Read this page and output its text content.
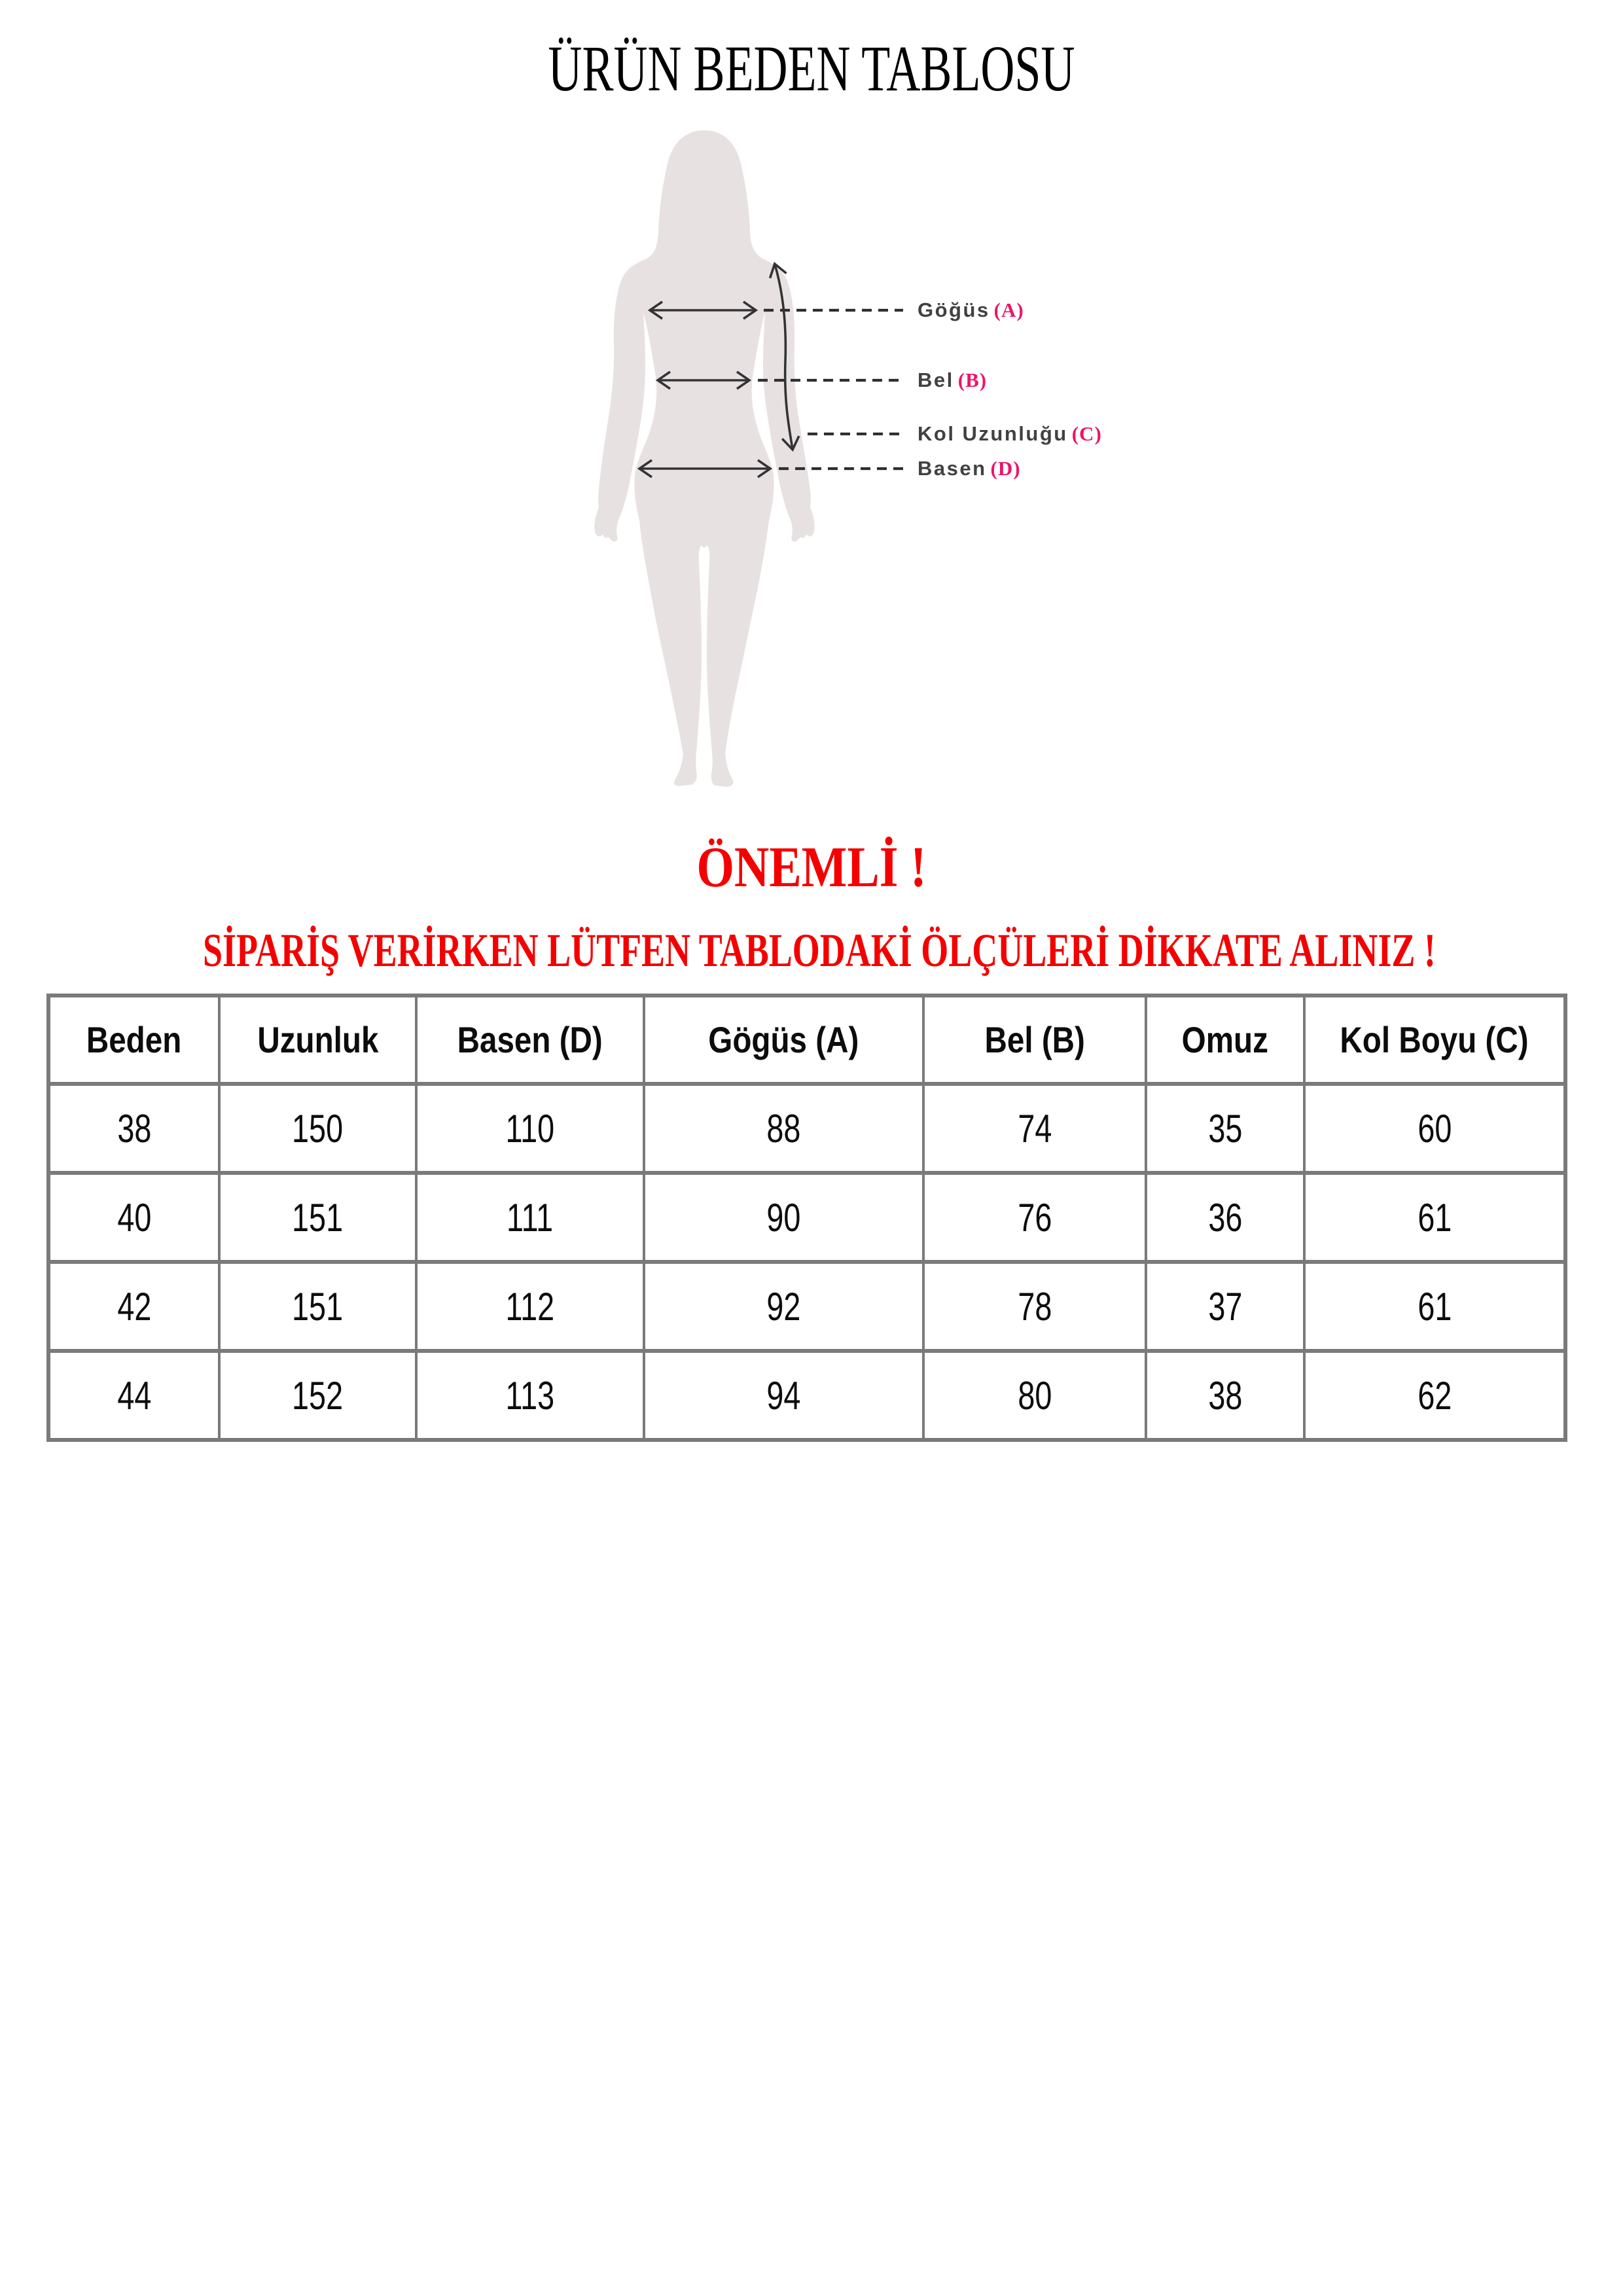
ÜRÜN BEDEN TABLOSU
Göğüs (A)
Bel (B)
Kol Uzunluğu (C)
Basen (D)
ÖNEMLİ !
SİPARİŞ VERİRKEN LÜTFEN TABLODAKİ ÖLÇÜLERİ DİKKATE ALINIZ !
Beden	Uzunluk	Basen (D)	Gögüs (A)	Bel (B)	Omuz	Kol Boyu (C)
38	150	110	88	74	35	60
40	151	111	90	76	36	61
42	151	112	92	78	37	61
44	152	113	94	80	38	62
